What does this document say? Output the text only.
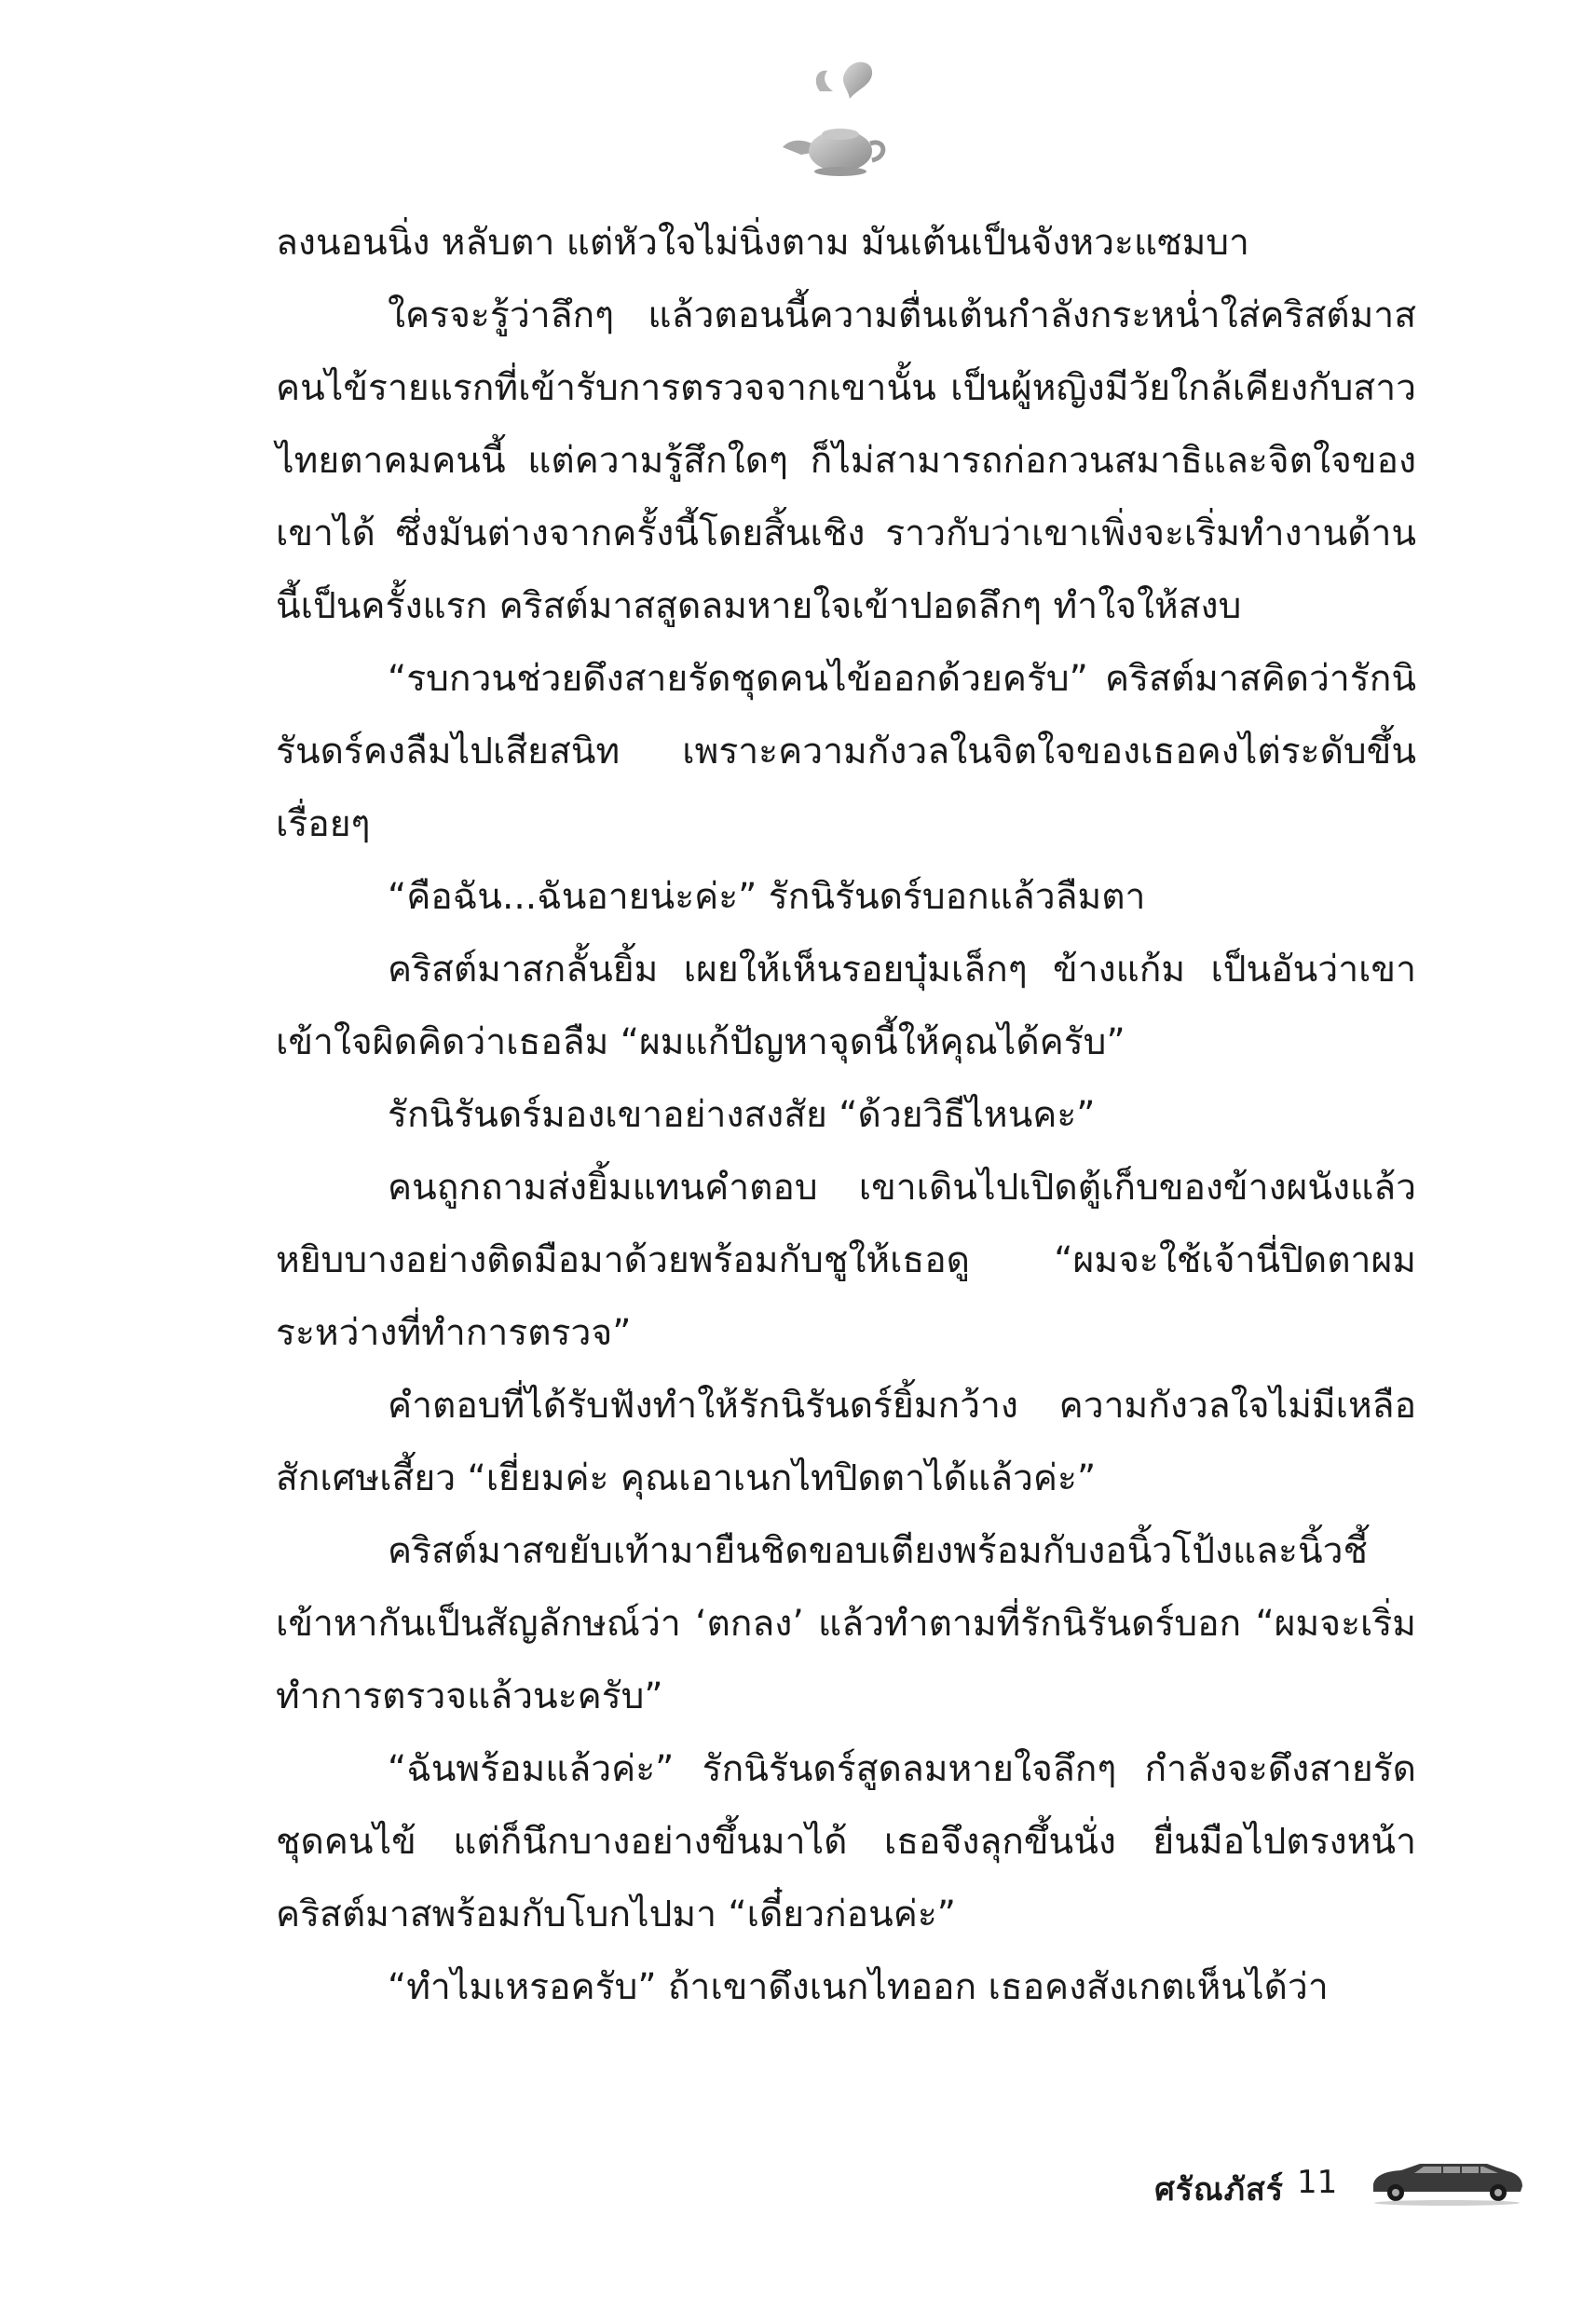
ลงนอนนิ่ง หลับตา แต่หัวใจไม่นิ่งตาม มันเต้นเป็นจังหวะแซมบา

ใครจะรู้ว่าลึกๆ แล้วตอนนี้ความตื่นเต้นกำลังกระหน่ำใส่คริสต์มาส คนไข้รายแรกที่เข้ารับการตรวจจากเขานั้น เป็นผู้หญิงมีวัยใกล้เคียงกับสาวไทยตาคมคนนี้ แต่ความรู้สึกใดๆ ก็ไม่สามารถก่อกวนสมาธิและจิตใจของเขาได้ ซึ่งมันต่างจากครั้งนี้โดยสิ้นเชิง ราวกับว่าเขาเพิ่งจะเริ่มทำงานด้านนี้เป็นครั้งแรก คริสต์มาสสูดลมหายใจเข้าปอดลึกๆ ทำใจให้สงบ

“รบกวนช่วยดึงสายรัดชุดคนไข้ออกด้วยครับ” คริสต์มาสคิดว่ารักนิรันดร์คงลืมไปเสียสนิท เพราะความกังวลในจิตใจของเธอคงไต่ระดับขึ้นเรื่อยๆ

“คือฉัน...ฉันอายน่ะค่ะ” รักนิรันดร์บอกแล้วลืมตา

คริสต์มาสกลั้นยิ้ม เผยให้เห็นรอยบุ๋มเล็กๆ ข้างแก้ม เป็นอันว่าเขาเข้าใจผิดคิดว่าเธอลืม “ผมแก้ปัญหาจุดนี้ให้คุณได้ครับ”

รักนิรันดร์มองเขาอย่างสงสัย “ด้วยวิธีไหนคะ”

คนถูกถามส่งยิ้มแทนคำตอบ เขาเดินไปเปิดตู้เก็บของข้างผนังแล้วหยิบบางอย่างติดมือมาด้วยพร้อมกับชูให้เธอดู “ผมจะใช้เจ้านี่ปิดตาผมระหว่างที่ทำการตรวจ”

คำตอบที่ได้รับฟังทำให้รักนิรันดร์ยิ้มกว้าง ความกังวลใจไม่มีเหลือสักเศษเสี้ยว “เยี่ยมค่ะ คุณเอาเนกไทปิดตาได้แล้วค่ะ”

คริสต์มาสขยับเท้ามายืนชิดขอบเตียงพร้อมกับงอนิ้วโป้งและนิ้วชี้เข้าหากันเป็นสัญลักษณ์ว่า ‘ตกลง’ แล้วทำตามที่รักนิรันดร์บอก “ผมจะเริ่มทำการตรวจแล้วนะครับ”

“ฉันพร้อมแล้วค่ะ” รักนิรันดร์สูดลมหายใจลึกๆ กำลังจะดึงสายรัดชุดคนไข้ แต่ก็นึกบางอย่างขึ้นมาได้ เธอจึงลุกขึ้นนั่ง ยื่นมือไปตรงหน้าคริสต์มาสพร้อมกับโบกไปมา “เดี๋ยวก่อนค่ะ”

“ทำไมเหรอครับ” ถ้าเขาดึงเนกไทออก เธอคงสังเกตเห็นได้ว่า

ศรัณภัสร์ 11
